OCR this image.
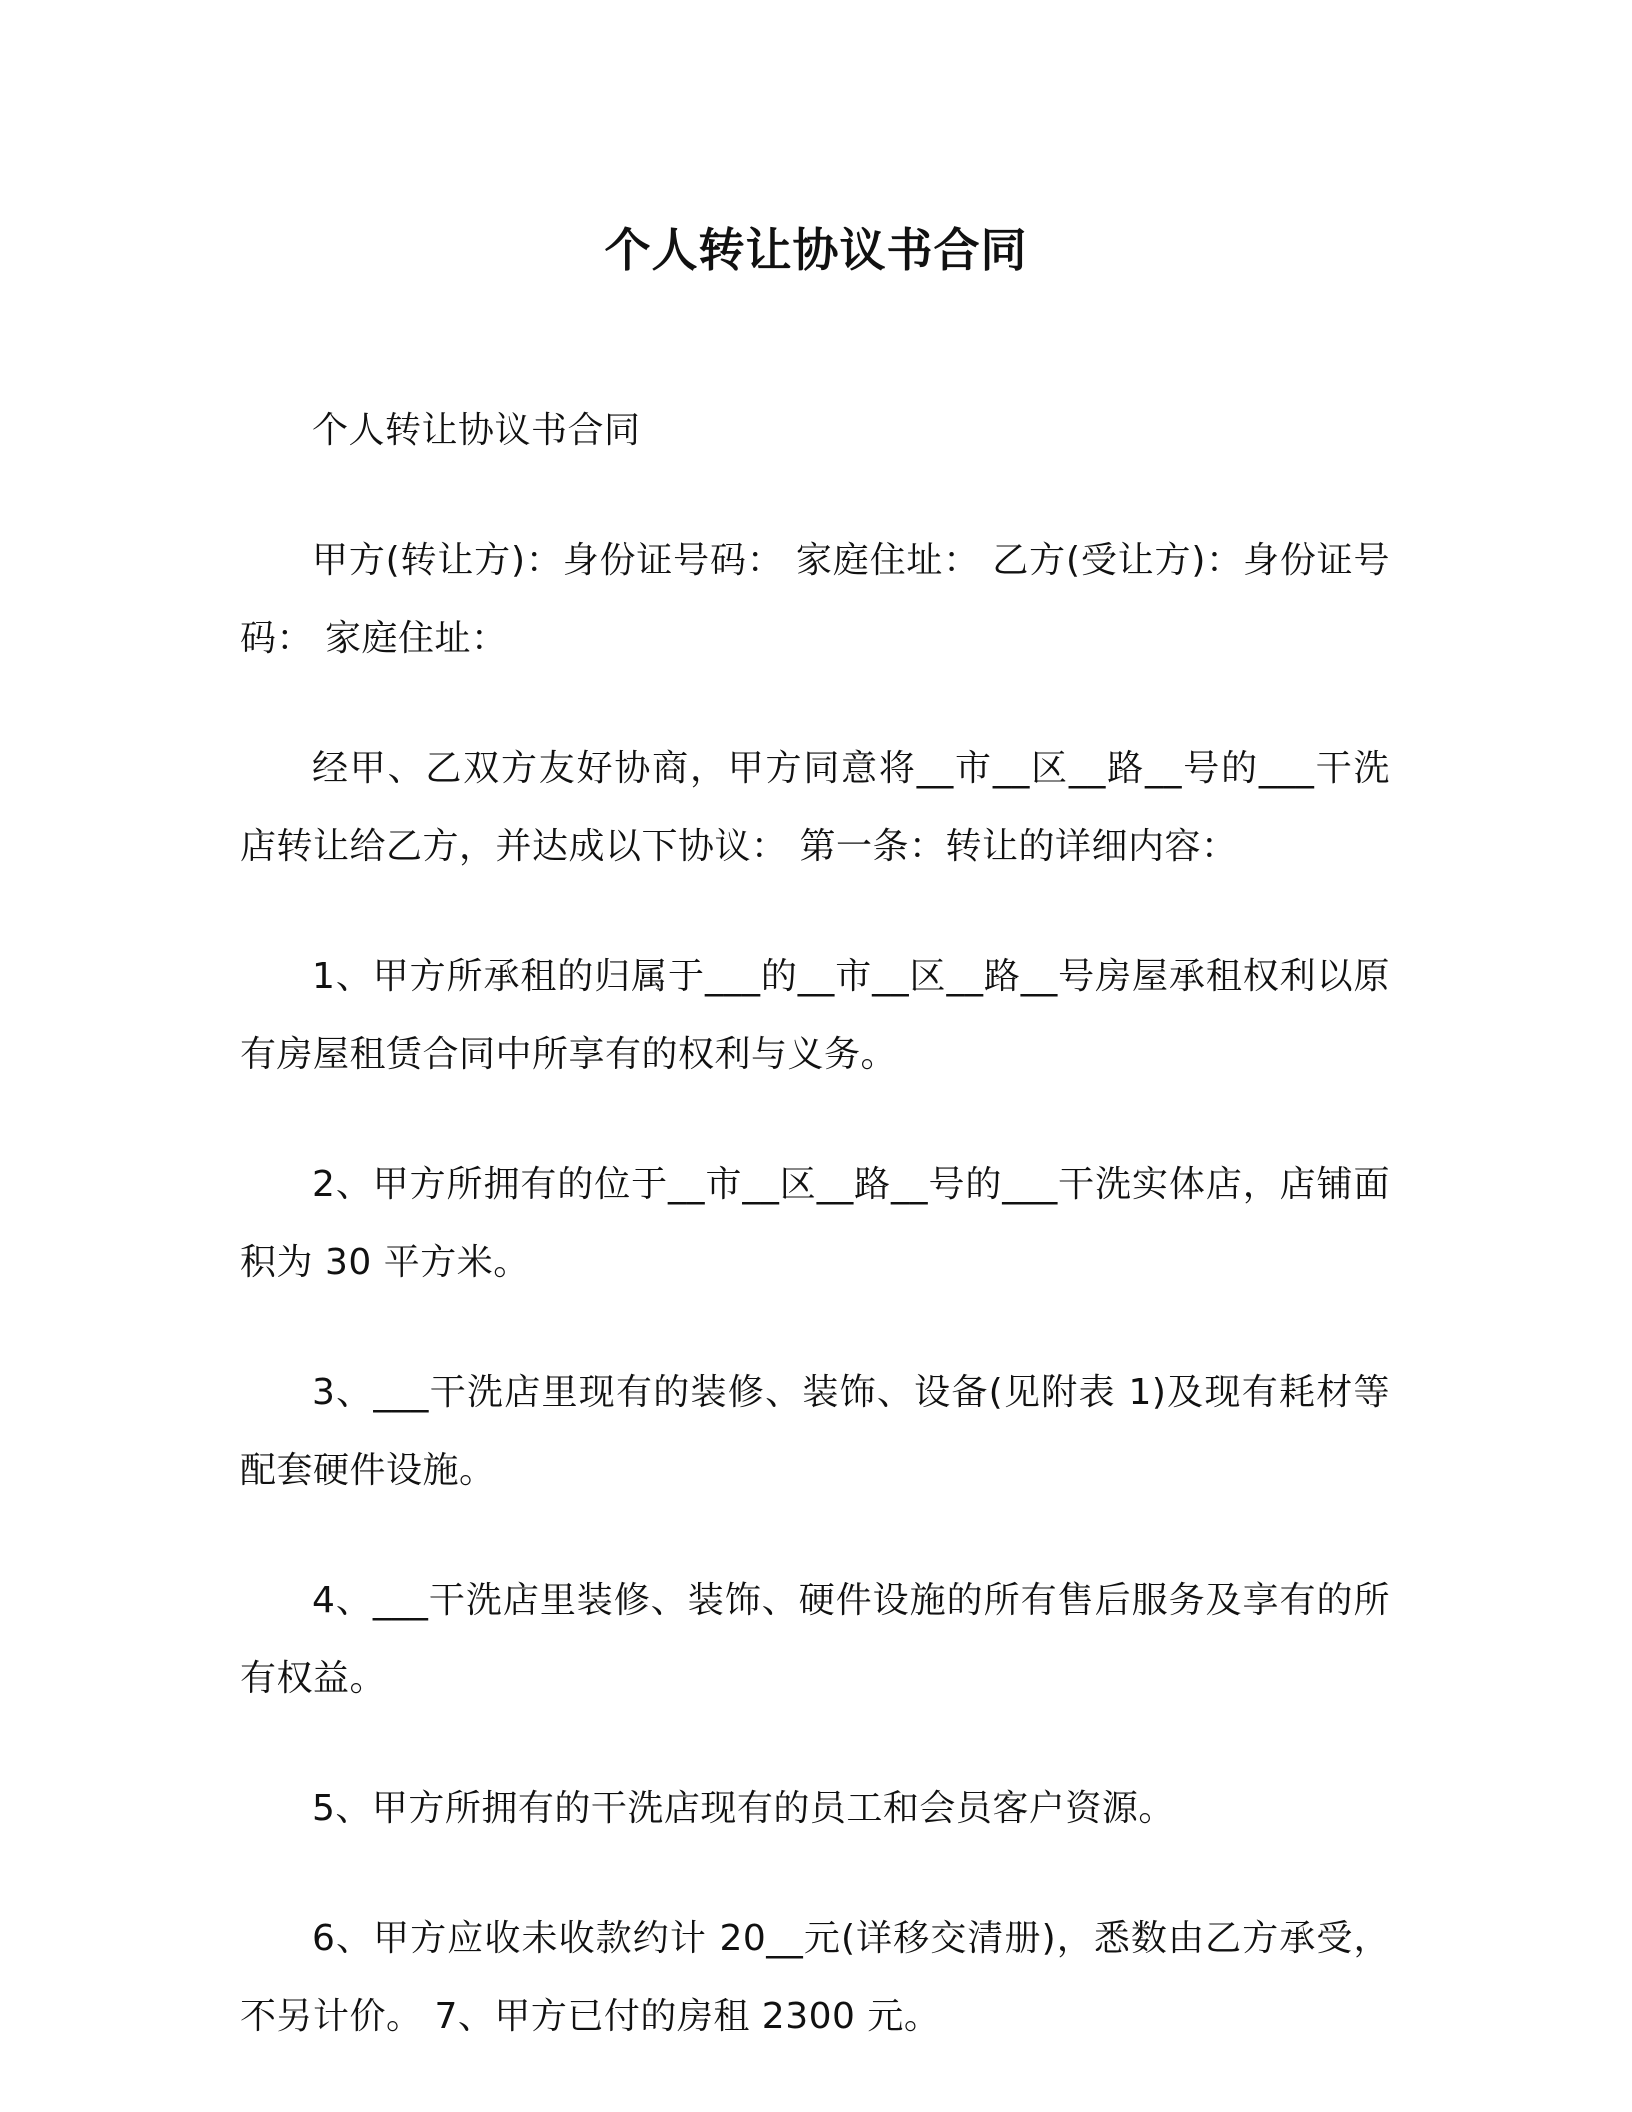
个人转让协议书合同

个人转让协议书合同

甲方(转让方)：身份证号码： 家庭住址： 乙方(受让方)：身份证号码： 家庭住址：

经甲、乙双方友好协商，甲方同意将__市__区__路__号的___干洗店转让给乙方，并达成以下协议： 第一条：转让的详细内容：

1、甲方所承租的归属于___的__市__区__路__号房屋承租权利以原有房屋租赁合同中所享有的权利与义务。

2、甲方所拥有的位于__市__区__路__号的___干洗实体店，店铺面积为 30 平方米。

3、___干洗店里现有的装修、装饰、设备(见附表 1)及现有耗材等配套硬件设施。

4、___干洗店里装修、装饰、硬件设施的所有售后服务及享有的所有权益。

5、甲方所拥有的干洗店现有的员工和会员客户资源。

6、甲方应收未收款约计 20__元(详移交清册)，悉数由乙方承受，不另计价。 7、甲方已付的房租 2300 元。
